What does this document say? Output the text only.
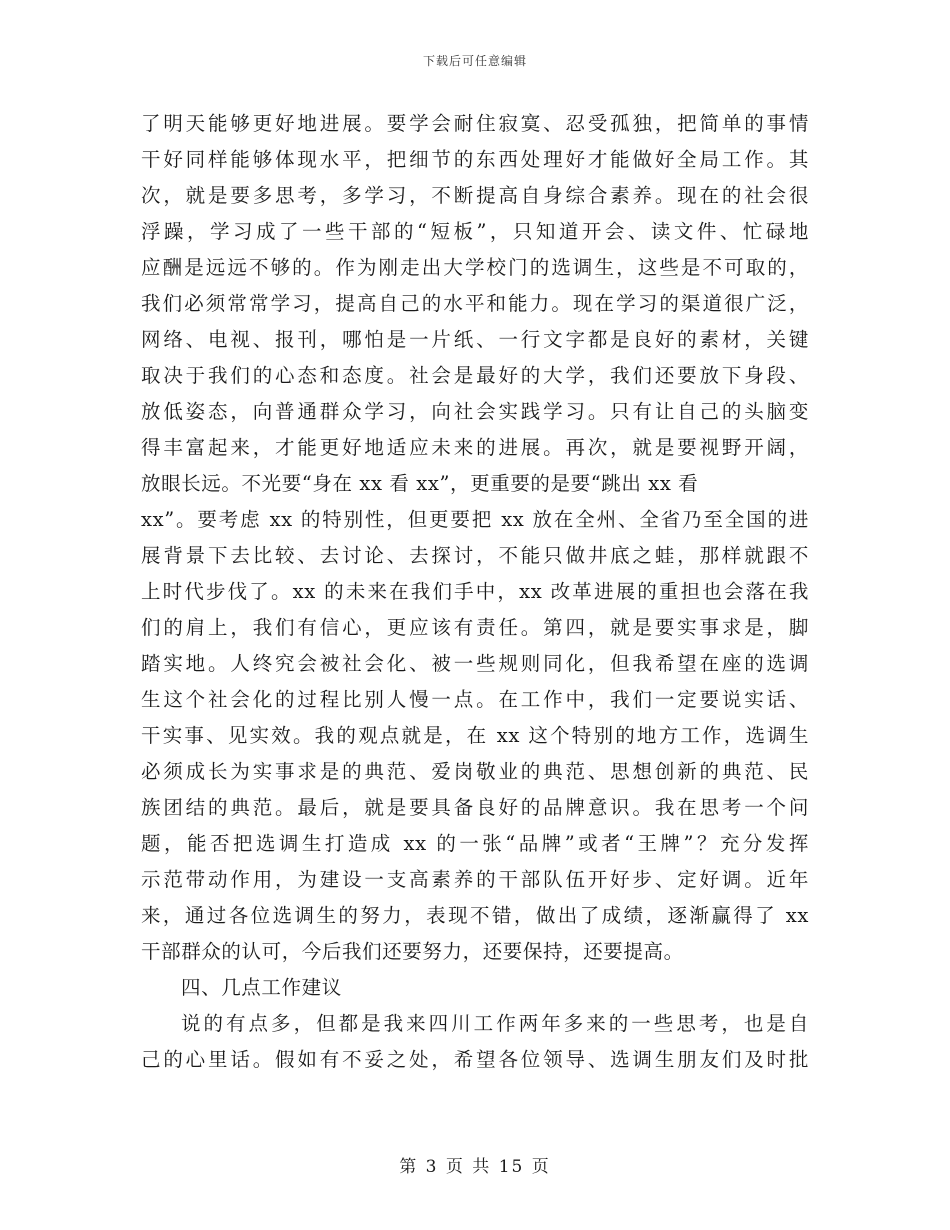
下载后可任意编辑
了明天能够更好地进展。要学会耐住寂寞、忍受孤独，把简单的事情
干好同样能够体现水平，把细节的东西处理好才能做好全局工作。其
次，就是要多思考，多学习，不断提高自身综合素养。现在的社会很
浮躁，学习成了一些干部的“短板”，只知道开会、读文件、忙碌地
应酬是远远不够的。作为刚走出大学校门的选调生，这些是不可取的，
我们必须常常学习，提高自己的水平和能力。现在学习的渠道很广泛，
网络、电视、报刊，哪怕是一片纸、一行文字都是良好的素材，关键
取决于我们的心态和态度。社会是最好的大学，我们还要放下身段、
放低姿态，向普通群众学习，向社会实践学习。只有让自己的头脑变
得丰富起来，才能更好地适应未来的进展。再次，就是要视野开阔，
放眼长远。不光要“身在 xx 看 xx”，更重要的是要“跳出 xx 看
xx”。要考虑 xx 的特别性，但更要把 xx 放在全州、全省乃至全国的进
展背景下去比较、去讨论、去探讨，不能只做井底之蛙，那样就跟不
上时代步伐了。xx 的未来在我们手中，xx 改革进展的重担也会落在我
们的肩上，我们有信心，更应该有责任。第四，就是要实事求是，脚
踏实地。人终究会被社会化、被一些规则同化，但我希望在座的选调
生这个社会化的过程比别人慢一点。在工作中，我们一定要说实话、
干实事、见实效。我的观点就是，在 xx 这个特别的地方工作，选调生
必须成长为实事求是的典范、爱岗敬业的典范、思想创新的典范、民
族团结的典范。最后，就是要具备良好的品牌意识。我在思考一个问
题，能否把选调生打造成 xx 的一张“品牌”或者“王牌”？充分发挥
示范带动作用，为建设一支高素养的干部队伍开好步、定好调。近年
来，通过各位选调生的努力，表现不错，做出了成绩，逐渐赢得了 xx
干部群众的认可，今后我们还要努力，还要保持，还要提高。
四、几点工作建议
说的有点多，但都是我来四川工作两年多来的一些思考，也是自
己的心里话。假如有不妥之处，希望各位领导、选调生朋友们及时批
第 3 页 共 15 页
